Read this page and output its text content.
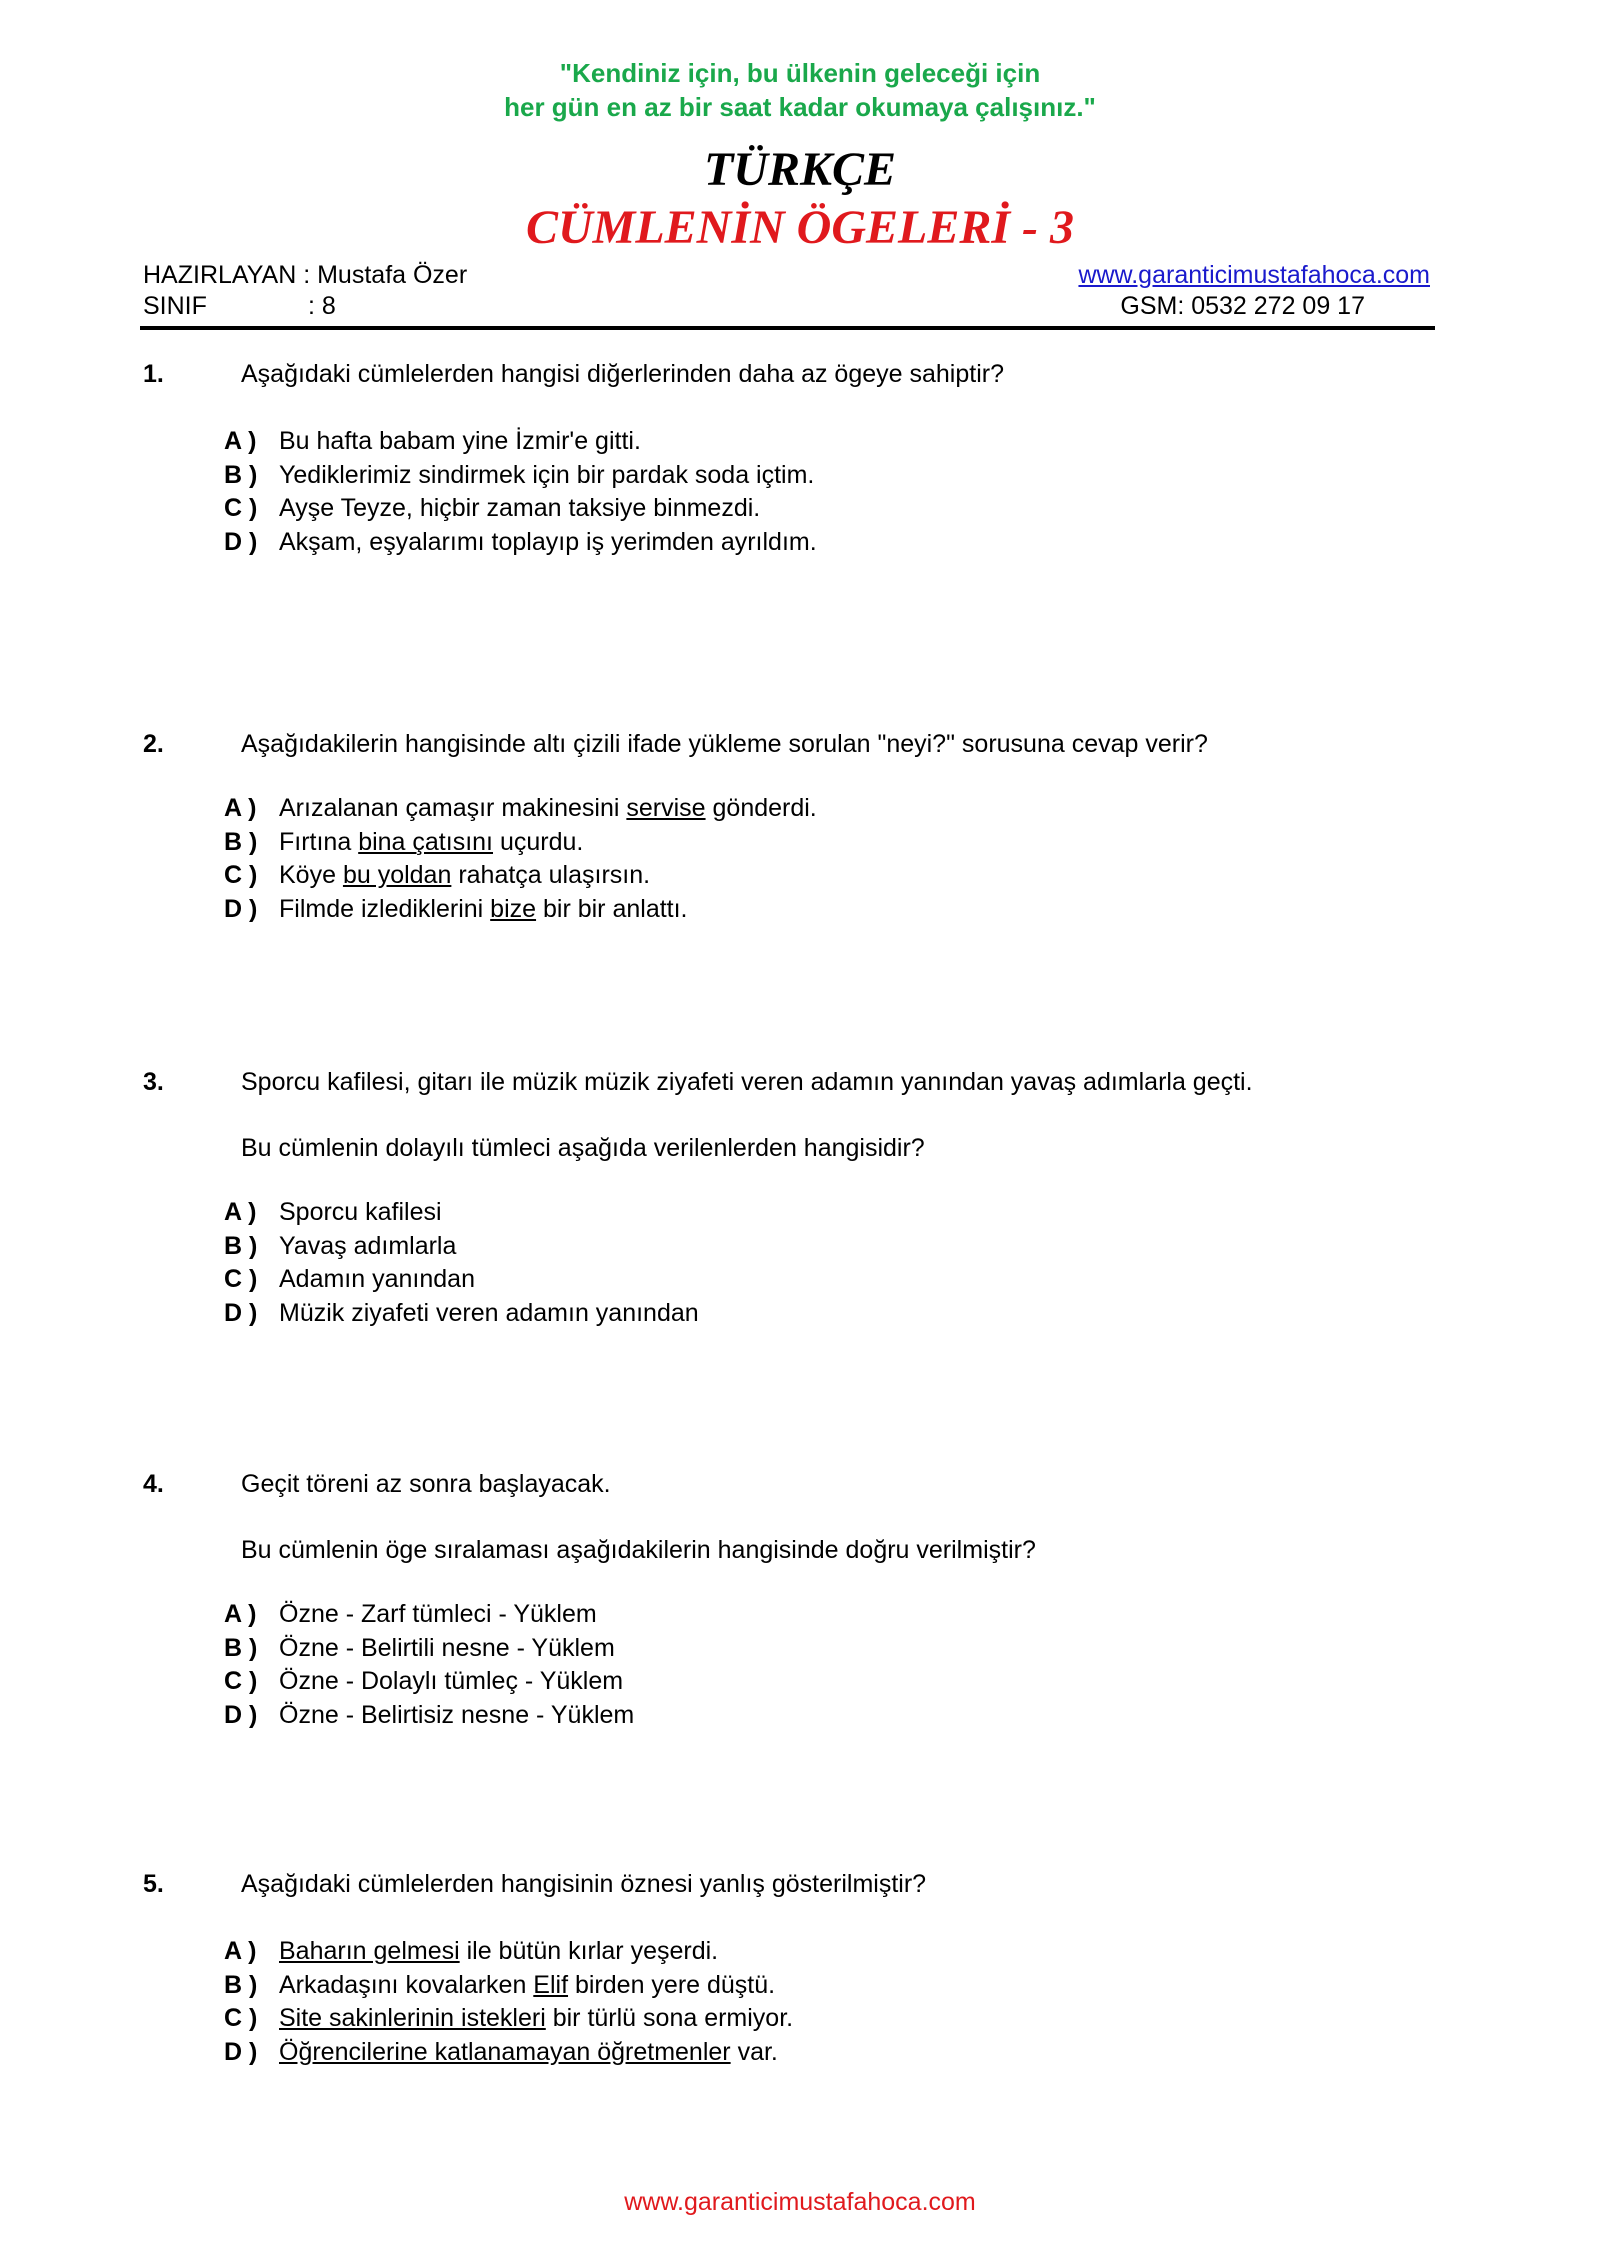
"Kendiniz için, bu ülkenin geleceği için
her gün en az bir saat kadar okumaya çalışınız."
TÜRKÇE
CÜMLENİN ÖGELERİ - 3
HAZIRLAYAN : Mustafa Özer	www.garanticimustafahoca.com
SINIF	: 8	GSM: 0532 272 09 17
1.	Aşağıdaki cümlelerden hangisi diğerlerinden daha az ögeye sahiptir?
A ) Bu hafta babam yine İzmir'e gitti.
B ) Yediklerimiz sindirmek için bir pardak soda içtim.
C ) Ayşe Teyze, hiçbir zaman taksiye binmezdi.
D ) Akşam, eşyalarımı toplayıp iş yerimden ayrıldım.
2.	Aşağıdakilerin hangisinde altı çizili ifade yükleme sorulan "neyi?" sorusuna cevap verir?
A ) Arızalanan çamaşır makinesini servise gönderdi.
B ) Fırtına bina çatısını uçurdu.
C ) Köye bu yoldan rahatça ulaşırsın.
D ) Filmde izlediklerini bize bir bir anlattı.
3.	Sporcu kafilesi, gitarı ile müzik müzik ziyafeti veren adamın yanından yavaş adımlarla geçti.
Bu cümlenin dolayılı tümleci aşağıda verilenlerden hangisidir?
A ) Sporcu kafilesi
B ) Yavaş adımlarla
C ) Adamın yanından
D ) Müzik ziyafeti veren adamın yanından
4.	Geçit töreni az sonra başlayacak.
Bu cümlenin öge sıralaması aşağıdakilerin hangisinde doğru verilmiştir?
A ) Özne - Zarf tümleci - Yüklem
B ) Özne - Belirtili nesne - Yüklem
C ) Özne - Dolaylı tümleç - Yüklem
D ) Özne - Belirtisiz nesne - Yüklem
5.	Aşağıdaki cümlelerden hangisinin öznesi yanlış gösterilmiştir?
A ) Baharın gelmesi ile bütün kırlar yeşerdi.
B ) Arkadaşını kovalarken Elif birden yere düştü.
C ) Site sakinlerinin istekleri bir türlü sona ermiyor.
D ) Öğrencilerine katlanamayan öğretmenler var.
www.garanticimustafahoca.com
